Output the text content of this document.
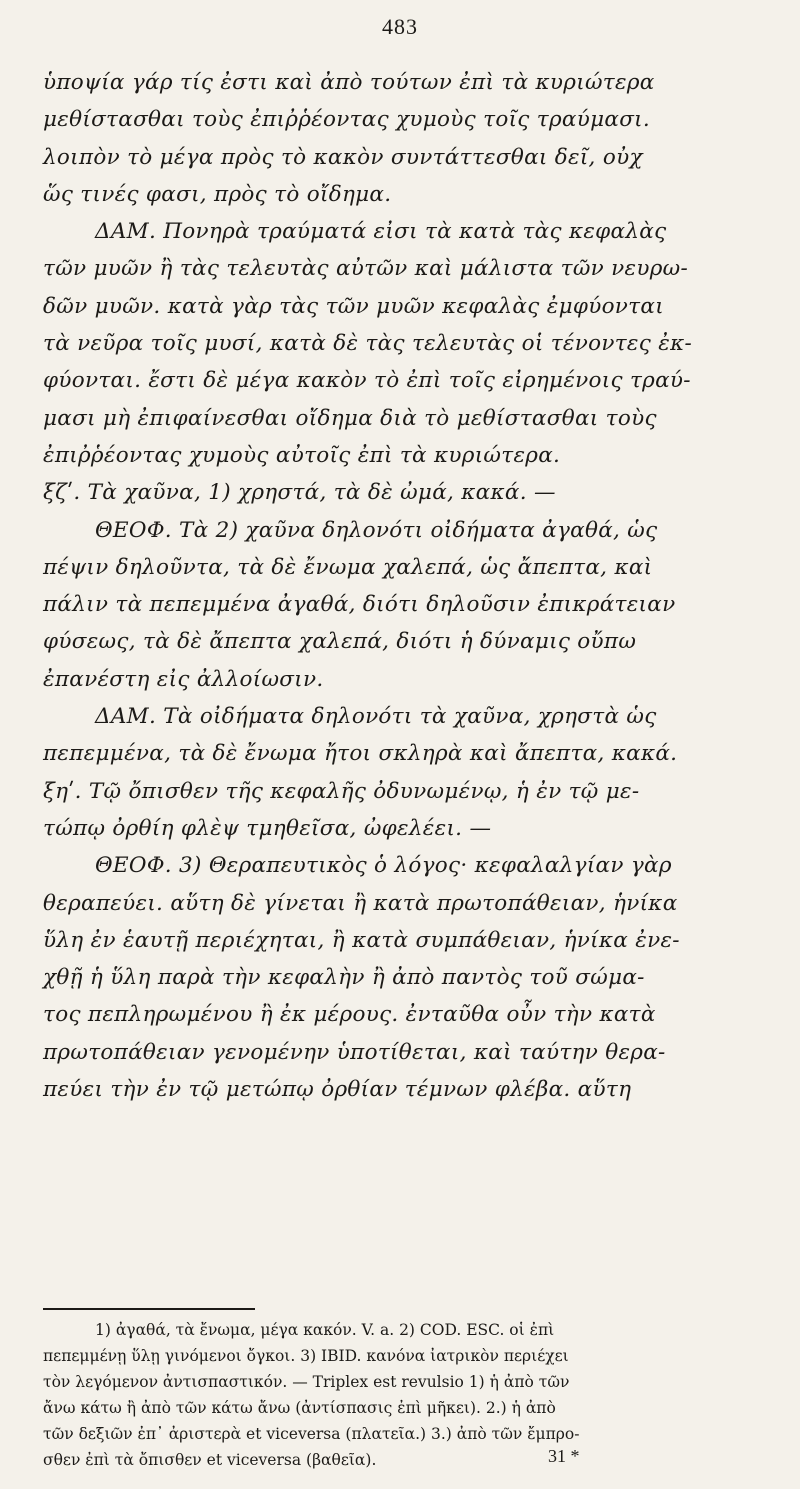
483

ὑποψία γάρ τίς ἐστι καὶ ἀπὸ τούτων ἐπὶ τὰ κυριώτερα

μεθίστασθαι τοὺς ἐπιῤῥέοντας χυμοὺς τοῖς τραύμασι.

λοιπὸν τὸ μέγα πρὸς τὸ κακὸν συντάττεσθαι δεῖ, οὐχ

ὥς τινές φασι, πρὸς τὸ οἴδημα.

ΔΑΜ. Πονηρὰ τραύματά εἰσι τὰ κατὰ τὰς κεφαλὰς

τῶν μυῶν ἢ τὰς τελευτὰς αὐτῶν καὶ μάλιστα τῶν νευρω-

δῶν μυῶν. κατὰ γὰρ τὰς τῶν μυῶν κεφαλὰς ἐμφύονται

τὰ νεῦρα τοῖς μυσί, κατὰ δὲ τὰς τελευτὰς οἱ τένοντες ἐκ-

φύονται. ἔστι δὲ μέγα κακὸν τὸ ἐπὶ τοῖς εἰρημένοις τραύ-

μασι μὴ ἐπιφαίνεσθαι οἴδημα διὰ τὸ μεθίστασθαι τοὺς

ἐπιῤῥέοντας χυμοὺς αὐτοῖς ἐπὶ τὰ κυριώτερα.

ξζʹ. Τὰ χαῦνα, 1) χρηστά, τὰ δὲ ὠμά, κακά. —

ΘΕΟΦ. Τὰ 2) χαῦνα δηλονότι οἰδήματα ἀγαθά, ὡς

πέψιν δηλοῦντα, τὰ δὲ ἔνωμα χαλεπά, ὡς ἄπεπτα, καὶ

πάλιν τὰ πεπεμμένα ἀγαθά, διότι δηλοῦσιν ἐπικράτειαν

φύσεως, τὰ δὲ ἄπεπτα χαλεπά, διότι ἡ δύναμις οὔπω

ἐπανέστη εἰς ἀλλοίωσιν.

ΔΑΜ. Τὰ οἰδήματα δηλονότι τὰ χαῦνα, χρηστὰ ὡς

πεπεμμένα, τὰ δὲ ἔνωμα ἤτοι σκληρὰ καὶ ἄπεπτα, κακά.

ξηʹ. Τῷ ὄπισθεν τῆς κεφαλῆς ὀδυνωμένῳ, ἡ ἐν τῷ με-

τώπῳ ὀρθίη φλὲψ τμηθεῖσα, ὠφελέει. —

ΘΕΟΦ. 3) Θεραπευτικὸς ὁ λόγος· κεφαλαλγίαν γὰρ

θεραπεύει. αὕτη δὲ γίνεται ἢ κατὰ πρωτοπάθειαν, ἡνίκα

ὕλη ἐν ἑαυτῇ περιέχηται, ἢ κατὰ συμπάθειαν, ἡνίκα ἐνε-

χθῇ ἡ ὕλη παρὰ τὴν κεφαλὴν ἢ ἀπὸ παντὸς τοῦ σώμα-

τος πεπληρωμένου ἢ ἐκ μέρους. ἐνταῦθα οὖν τὴν κατὰ

πρωτοπάθειαν γενομένην ὑποτίθεται, καὶ ταύτην θερα-

πεύει τὴν ἐν τῷ μετώπῳ ὀρθίαν τέμνων φλέβα. αὕτη

1) ἀγαθά, τὰ ἔνωμα, μέγα κακόν. V. a. 2) COD. ESC. οἱ ἐπὶ

πεπεμμένῃ ὕλῃ γινόμενοι ὄγκοι. 3) IBID. κανόνα ἰατρικὸν περιέχει

τὸν λεγόμενον ἀντισπαστικόν. — Triplex est revulsio 1) ἡ ἀπὸ τῶν

ἄνω κάτω ἢ ἀπὸ τῶν κάτω ἄνω (ἀντίσπασις ἐπὶ μῆκει). 2.) ἡ ἀπὸ

τῶν δεξιῶν ἐπ᾽ ἀριστερὰ et viceversa (πλατεῖα.) 3.) ἀπὸ τῶν ἔμπρο-

σθεν ἐπὶ τὰ ὄπισθεν et viceversa (βαθεῖα).	31 *
